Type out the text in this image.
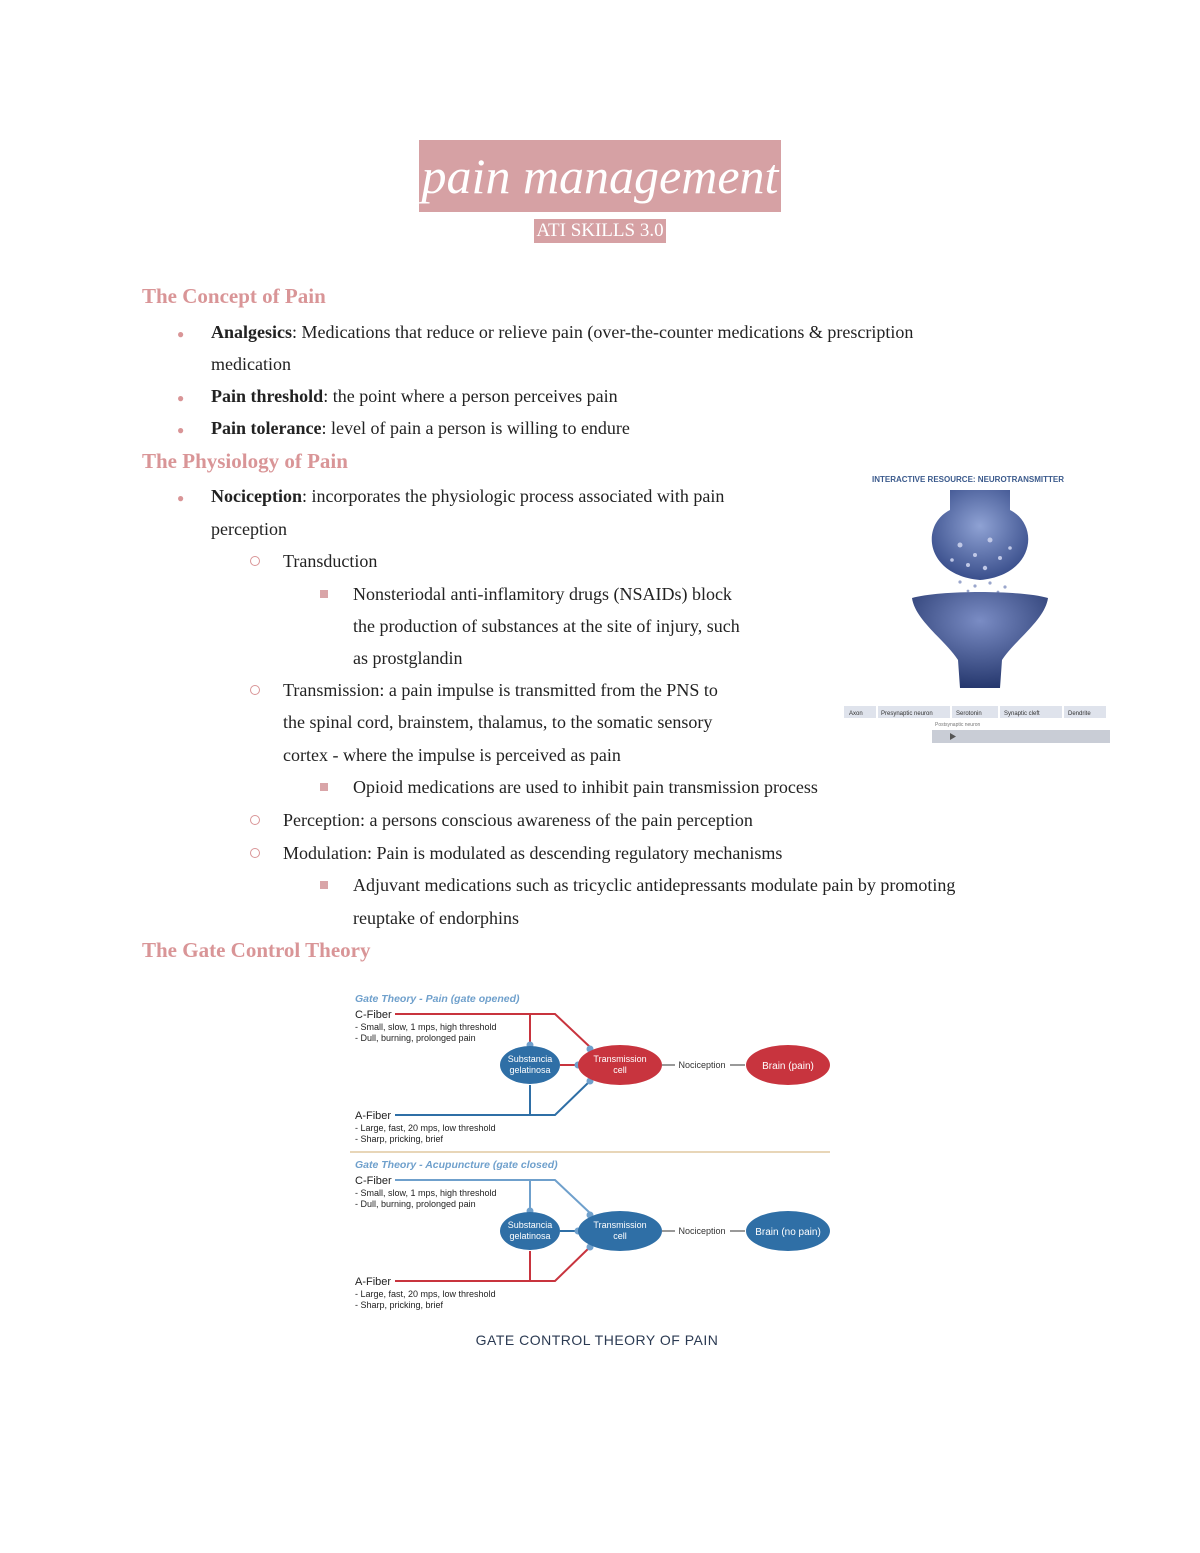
pain management
ATI SKILLS 3.0
The Concept of Pain
● Analgesics: Medications that reduce or relieve pain (over-the-counter medications & prescription
medication
● Pain threshold: the point where a person perceives pain
● Pain tolerance: level of pain a person is willing to endure
The Physiology of Pain
● Nociception: incorporates the physiologic process associated with pain
perception
Transduction
Nonsteriodal anti-inflamitory drugs (NSAIDs) block
the production of substances at the site of injury, such
as prostglandin
Transmission: a pain impulse is transmitted from the PNS to
the spinal cord, brainstem, thalamus, to the somatic sensory
cortex - where the impulse is perceived as pain
Opioid medications are used to inhibit pain transmission process
Perception: a persons conscious awareness of the pain perception
Modulation: Pain is modulated as descending regulatory mechanisms
Adjuvant medications such as tricyclic antidepressants modulate pain by promoting
reuptake of endorphins
The Gate Control Theory
INTERACTIVE RESOURCE: NEUROTRANSMITTER
Axon	Presynaptic neuron	Serotonin	Synaptic cleft	Dendrite
Postsynaptic neuron
Gate Theory - Pain (gate opened)
C-Fiber
- Small, slow, 1 mps, high threshold
- Dull, burning, prolonged pain
Substancia
gelatinosa
Transmission
cell	Nociception	Brain (pain)
A-Fiber
- Large, fast, 20 mps, low threshold
- Sharp, pricking, brief
Gate Theory - Acupuncture (gate closed)
C-Fiber
- Small, slow, 1 mps, high threshold
- Dull, burning, prolonged pain
Substancia
gelatinosa
Transmission
cell	Nociception	Brain (no pain)
A-Fiber
- Large, fast, 20 mps, low threshold
- Sharp, pricking, brief
GATE CONTROL THEORY OF PAIN
